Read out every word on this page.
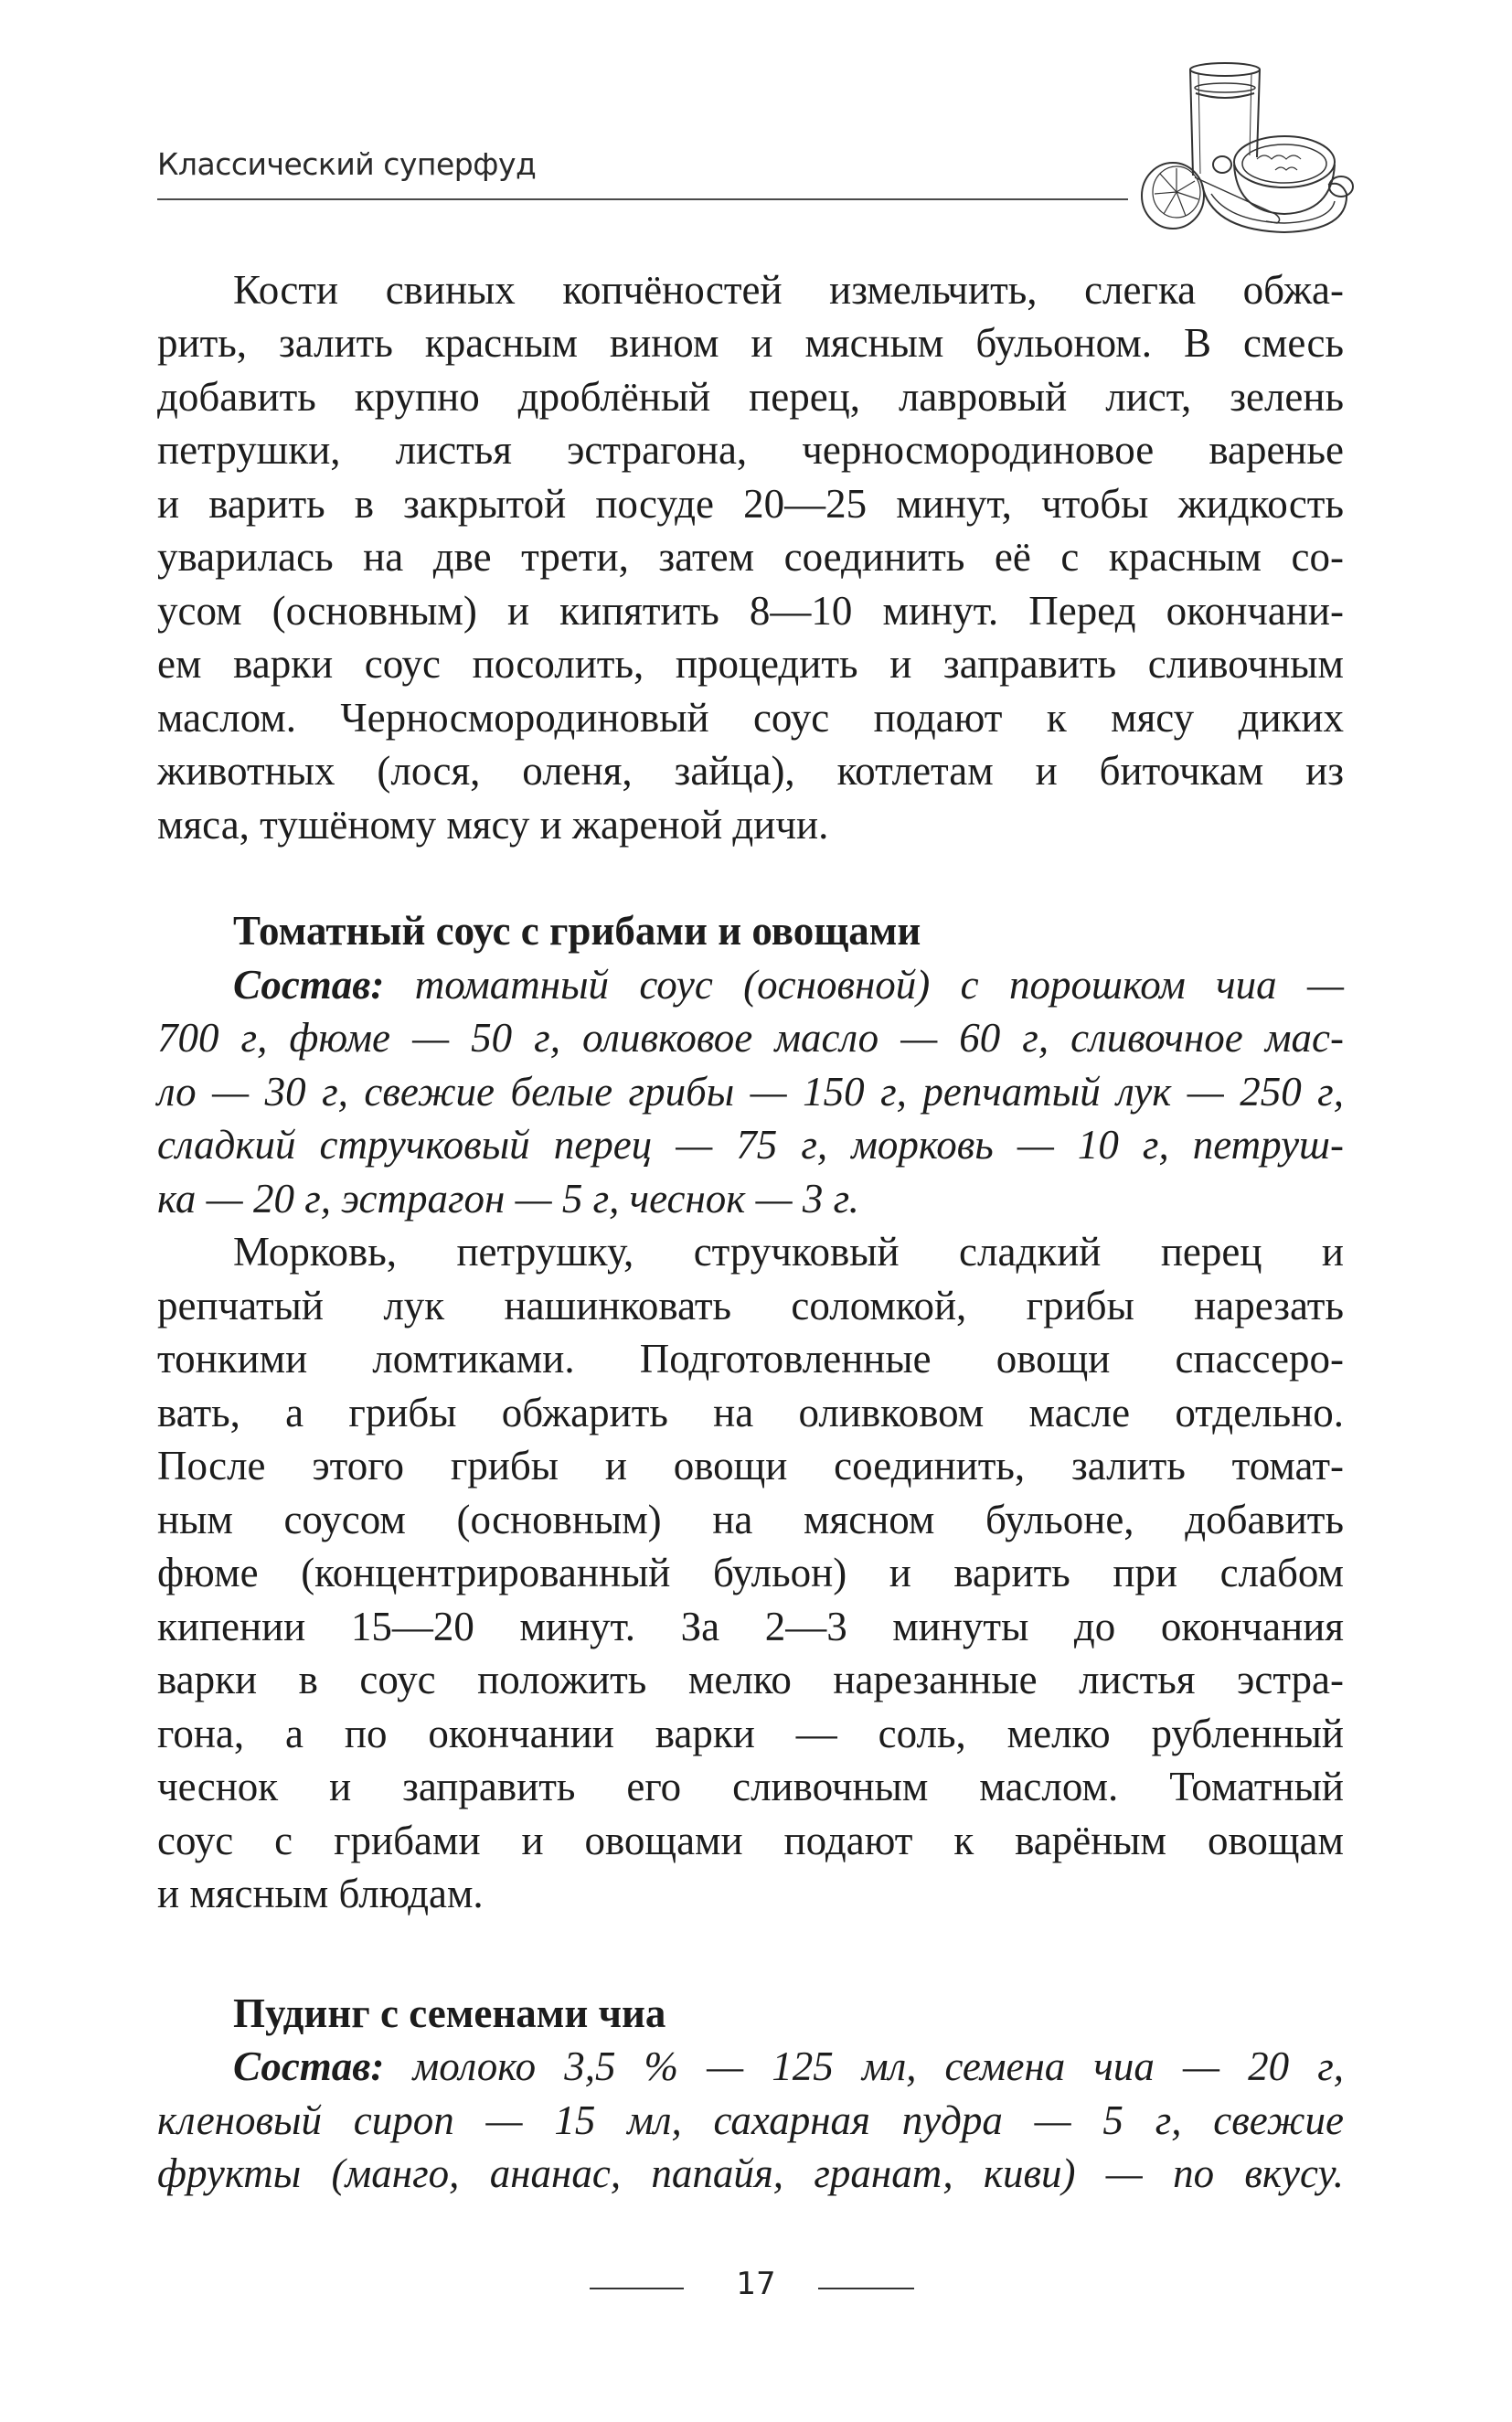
Классический суперфуд
Кости свиных копчёностей измельчить, слегка обжа-
рить, залить красным вином и мясным бульоном. В смесь
добавить крупно дроблёный перец, лавровый лист, зелень
петрушки, листья эстрагона, черносмородиновое варенье
и варить в закрытой посуде 20—25 минут, чтобы жидкость
уварилась на две трети, затем соединить её с красным со-
усом (основным) и кипятить 8—10 минут. Перед окончани-
ем варки соус посолить, процедить и заправить сливочным
маслом. Черносмородиновый соус подают к мясу диких
животных (лося, оленя, зайца), котлетам и биточкам из
мяса, тушёному мясу и жареной дичи.
Томатный соус с грибами и овощами
Состав: томатный соус (основной) с порошком чиа —
700 г, фюме — 50 г, оливковое масло — 60 г, сливочное мас-
ло — 30 г, свежие белые грибы — 150 г, репчатый лук — 250 г,
сладкий стручковый перец — 75 г, морковь — 10 г, петруш-
ка — 20 г, эстрагон — 5 г, чеснок — 3 г.
Морковь, петрушку, стручковый сладкий перец и
репчатый лук нашинковать соломкой, грибы нарезать
тонкими ломтиками. Подготовленные овощи спассеро-
вать, а грибы обжарить на оливковом масле отдельно.
После этого грибы и овощи соединить, залить томат-
ным соусом (основным) на мясном бульоне, добавить
фюме (концентрированный бульон) и варить при слабом
кипении 15—20 минут. За 2—3 минуты до окончания
варки в соус положить мелко нарезанные листья эстра-
гона, а по окончании варки — соль, мелко рубленный
чеснок и заправить его сливочным маслом. Томатный
соус с грибами и овощами подают к варёным овощам
и мясным блюдам.
Пудинг с семенами чиа
Состав: молоко 3,5 % — 125 мл, семена чиа — 20 г,
кленовый сироп — 15 мл, сахарная пудра — 5 г, свежие
фрукты (манго, ананас, папайя, гранат, киви) — по вкусу.
17
